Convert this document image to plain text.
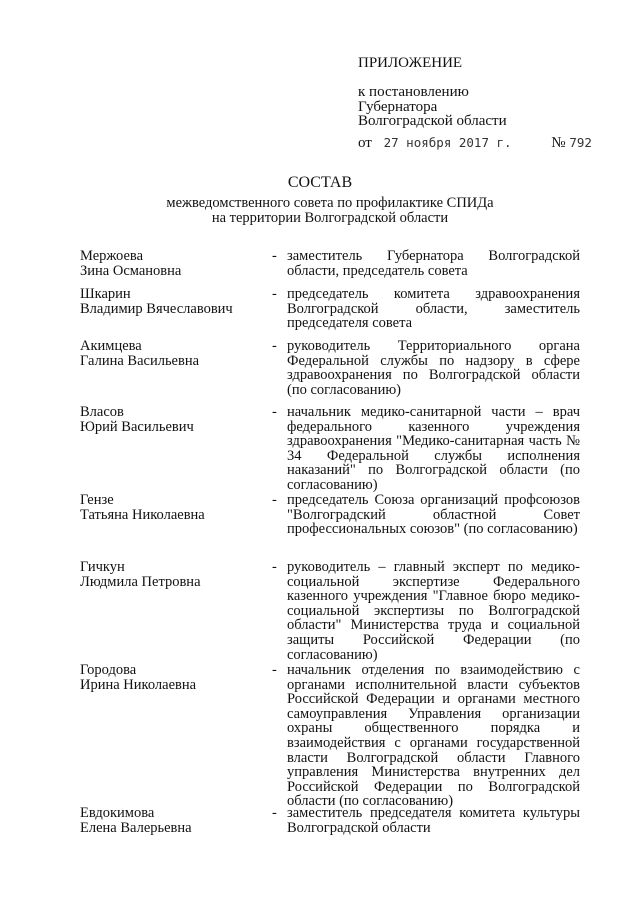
ПРИЛОЖЕНИЕ
к постановлению
Губернатора
Волгоградской области
от 27 ноября 2017 г.	№ 792
СОСТАВ
межведомственного совета по профилактике СПИДа
на территории Волгоградской области
Мержоева
Зина Османовна
- заместитель Губернатора Волгоградской области, председатель совета
Шкарин
Владимир Вячеславович
- председатель комитета здравоохранения Волгоградской области, заместитель председателя совета
Акимцева
Галина Васильевна
- руководитель Территориального органа Федеральной службы по надзору в сфере здравоохранения по Волгоградской области (по согласованию)
Власов
Юрий Васильевич
- начальник медико-санитарной части – врач федерального казенного учреждения здравоохранения "Медико-санитарная часть № 34 Федеральной службы исполнения наказаний" по Волгоградской области (по согласованию)
Гензе
Татьяна Николаевна
- председатель Союза организаций профсоюзов "Волгоградский областной Совет профессиональных союзов" (по согласованию)
Гичкун
Людмила Петровна
- руководитель – главный эксперт по медико-социальной экспертизе Федерального казенного учреждения "Главное бюро медико-социальной экспертизы по Волгоградской области" Министерства труда и социальной защиты Российской Федерации (по согласованию)
Городова
Ирина Николаевна
- начальник отделения по взаимодействию с органами исполнительной власти субъектов Российской Федерации и органами местного самоуправления Управления организации охраны общественного порядка и взаимодействия с органами государственной власти Волгоградской области Главного управления Министерства внутренних дел Российской Федерации по Волгоградской области (по согласованию)
Евдокимова
Елена Валерьевна
- заместитель председателя комитета культуры Волгоградской области
